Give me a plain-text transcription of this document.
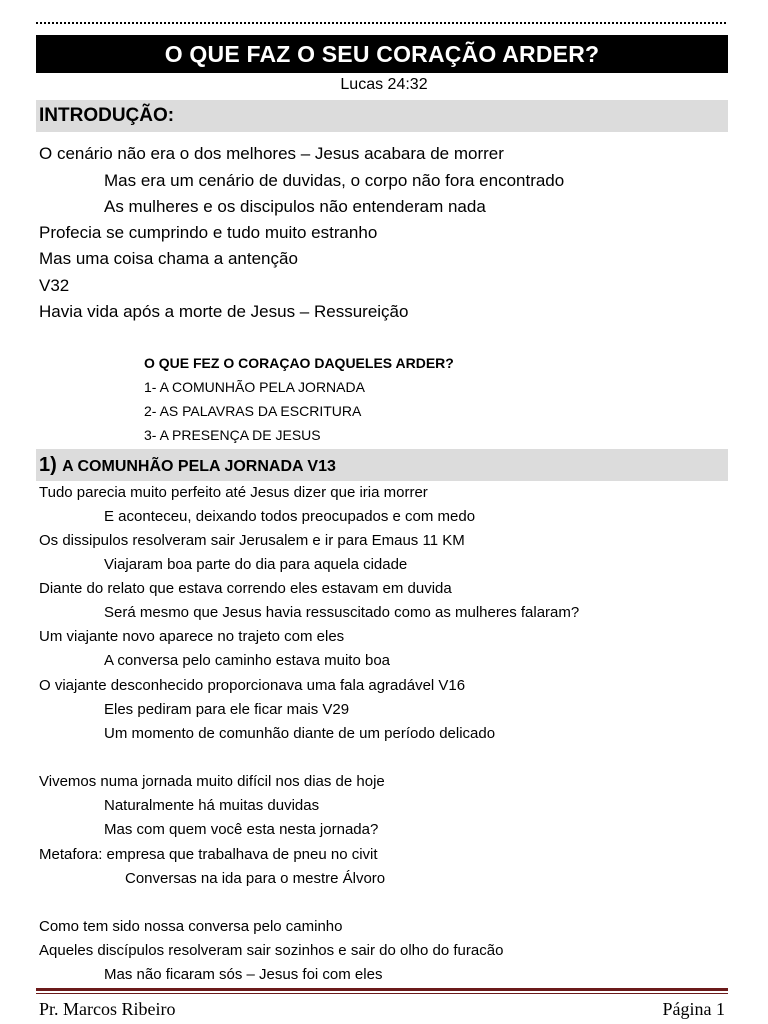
O QUE FAZ O SEU CORAÇÃO ARDER?
Lucas 24:32
INTRODUÇÃO:
O cenário não era o dos melhores – Jesus acabara de morrer
Mas era um cenário de duvidas, o corpo não fora encontrado
As mulheres e os discipulos não entenderam nada
Profecia se cumprindo e tudo muito estranho
Mas uma coisa chama a antenção
V32
Havia vida após a morte de Jesus – Ressureição
O QUE FEZ O CORAÇAO DAQUELES ARDER?
1- A COMUNHÃO PELA JORNADA
2- AS PALAVRAS DA ESCRITURA
3- A PRESENÇA DE JESUS
1) A COMUNHÃO PELA JORNADA V13
Tudo parecia muito perfeito até Jesus dizer que iria morrer
E aconteceu, deixando todos preocupados e com medo
Os dissipulos resolveram sair Jerusalem e ir para Emaus 11 KM
Viajaram boa parte do dia para aquela cidade
Diante do relato que estava correndo eles estavam em duvida
Será mesmo que Jesus havia ressuscitado como as mulheres falaram?
Um viajante novo aparece no trajeto com eles
A conversa pelo caminho estava muito boa
O viajante desconhecido proporcionava uma fala agradável V16
Eles pediram para ele ficar mais V29
Um momento de comunhão diante de um período delicado
Vivemos numa jornada muito difícil nos dias de hoje
Naturalmente há muitas duvidas
Mas com quem você esta nesta jornada?
Metafora: empresa que trabalhava de pneu no civit
Conversas na ida para o mestre Álvoro
Como tem sido nossa conversa pelo caminho
Aqueles discípulos resolveram sair sozinhos e sair do olho do furacão
Mas não ficaram sós – Jesus foi com eles
Pr. Marcos Ribeiro	Página 1
